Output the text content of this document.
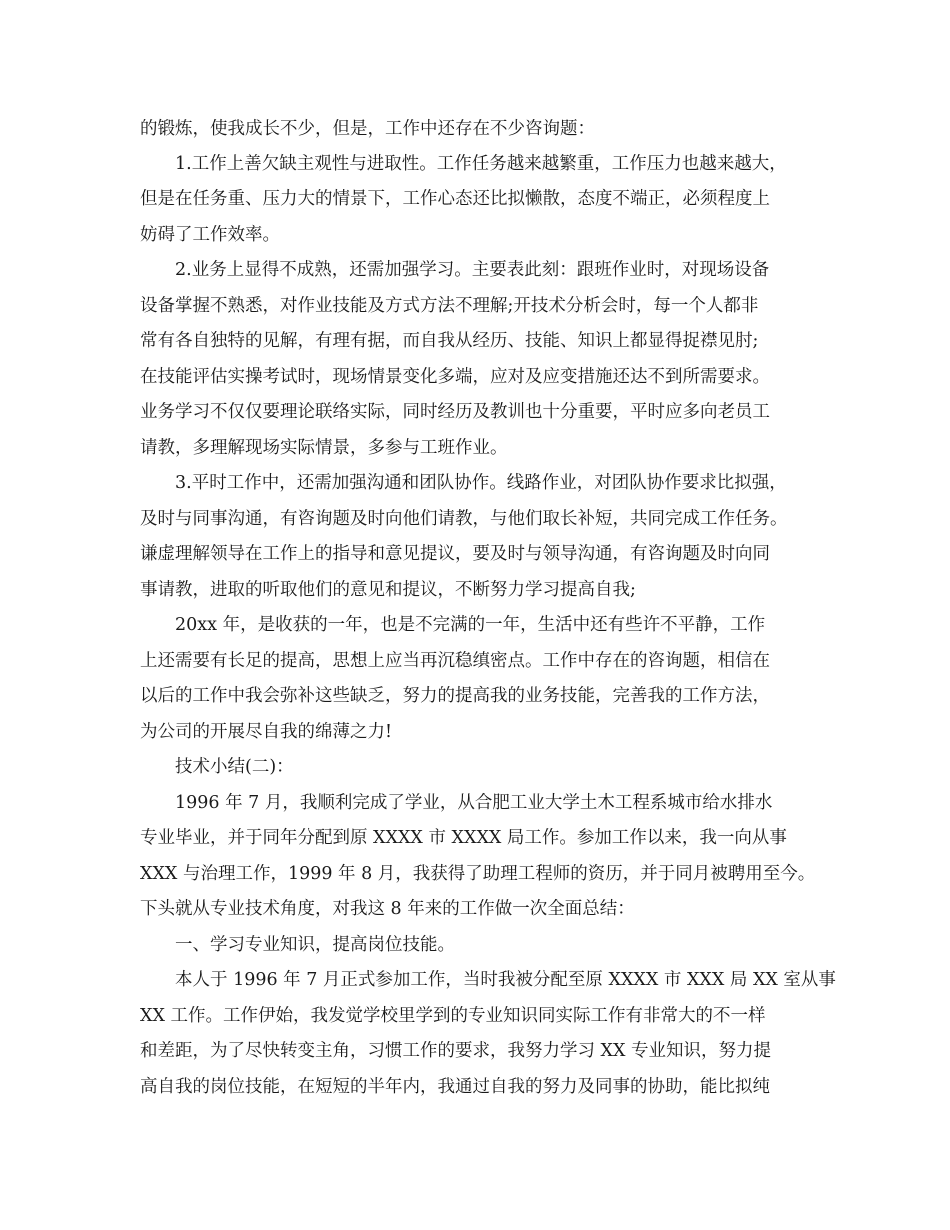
的锻炼，使我成长不少，但是，工作中还存在不少咨询题：
1.工作上善欠缺主观性与进取性。工作任务越来越繁重，工作压力也越来越大，
但是在任务重、压力大的情景下，工作心态还比拟懒散，态度不端正，必须程度上
妨碍了工作效率。
2.业务上显得不成熟，还需加强学习。主要表此刻：跟班作业时，对现场设备
设备掌握不熟悉，对作业技能及方式方法不理解;开技术分析会时，每一个人都非
常有各自独特的见解，有理有据，而自我从经历、技能、知识上都显得捉襟见肘;
在技能评估实操考试时，现场情景变化多端，应对及应变措施还达不到所需要求。
业务学习不仅仅要理论联络实际，同时经历及教训也十分重要，平时应多向老员工
请教，多理解现场实际情景，多参与工班作业。
3.平时工作中，还需加强沟通和团队协作。线路作业，对团队协作要求比拟强，
及时与同事沟通，有咨询题及时向他们请教，与他们取长补短，共同完成工作任务。
谦虚理解领导在工作上的指导和意见提议，要及时与领导沟通，有咨询题及时向同
事请教，进取的听取他们的意见和提议，不断努力学习提高自我;
20xx 年，是收获的一年，也是不完满的一年，生活中还有些许不平静，工作
上还需要有长足的提高，思想上应当再沉稳缜密点。工作中存在的咨询题，相信在
以后的工作中我会弥补这些缺乏，努力的提高我的业务技能，完善我的工作方法，
为公司的开展尽自我的绵薄之力!
技术小结(二)：
1996 年 7 月，我顺利完成了学业，从合肥工业大学土木工程系城市给水排水
专业毕业，并于同年分配到原 XXXX 市 XXXX 局工作。参加工作以来，我一向从事
XXX 与治理工作，1999 年 8 月，我获得了助理工程师的资历，并于同月被聘用至今。
下头就从专业技术角度，对我这 8 年来的工作做一次全面总结：
一、学习专业知识，提高岗位技能。
本人于 1996 年 7 月正式参加工作，当时我被分配至原 XXXX 市 XXX 局 XX 室从事
XX 工作。工作伊始，我发觉学校里学到的专业知识同实际工作有非常大的不一样
和差距，为了尽快转变主角，习惯工作的要求，我努力学习 XX 专业知识，努力提
高自我的岗位技能，在短短的半年内，我通过自我的努力及同事的协助，能比拟纯
